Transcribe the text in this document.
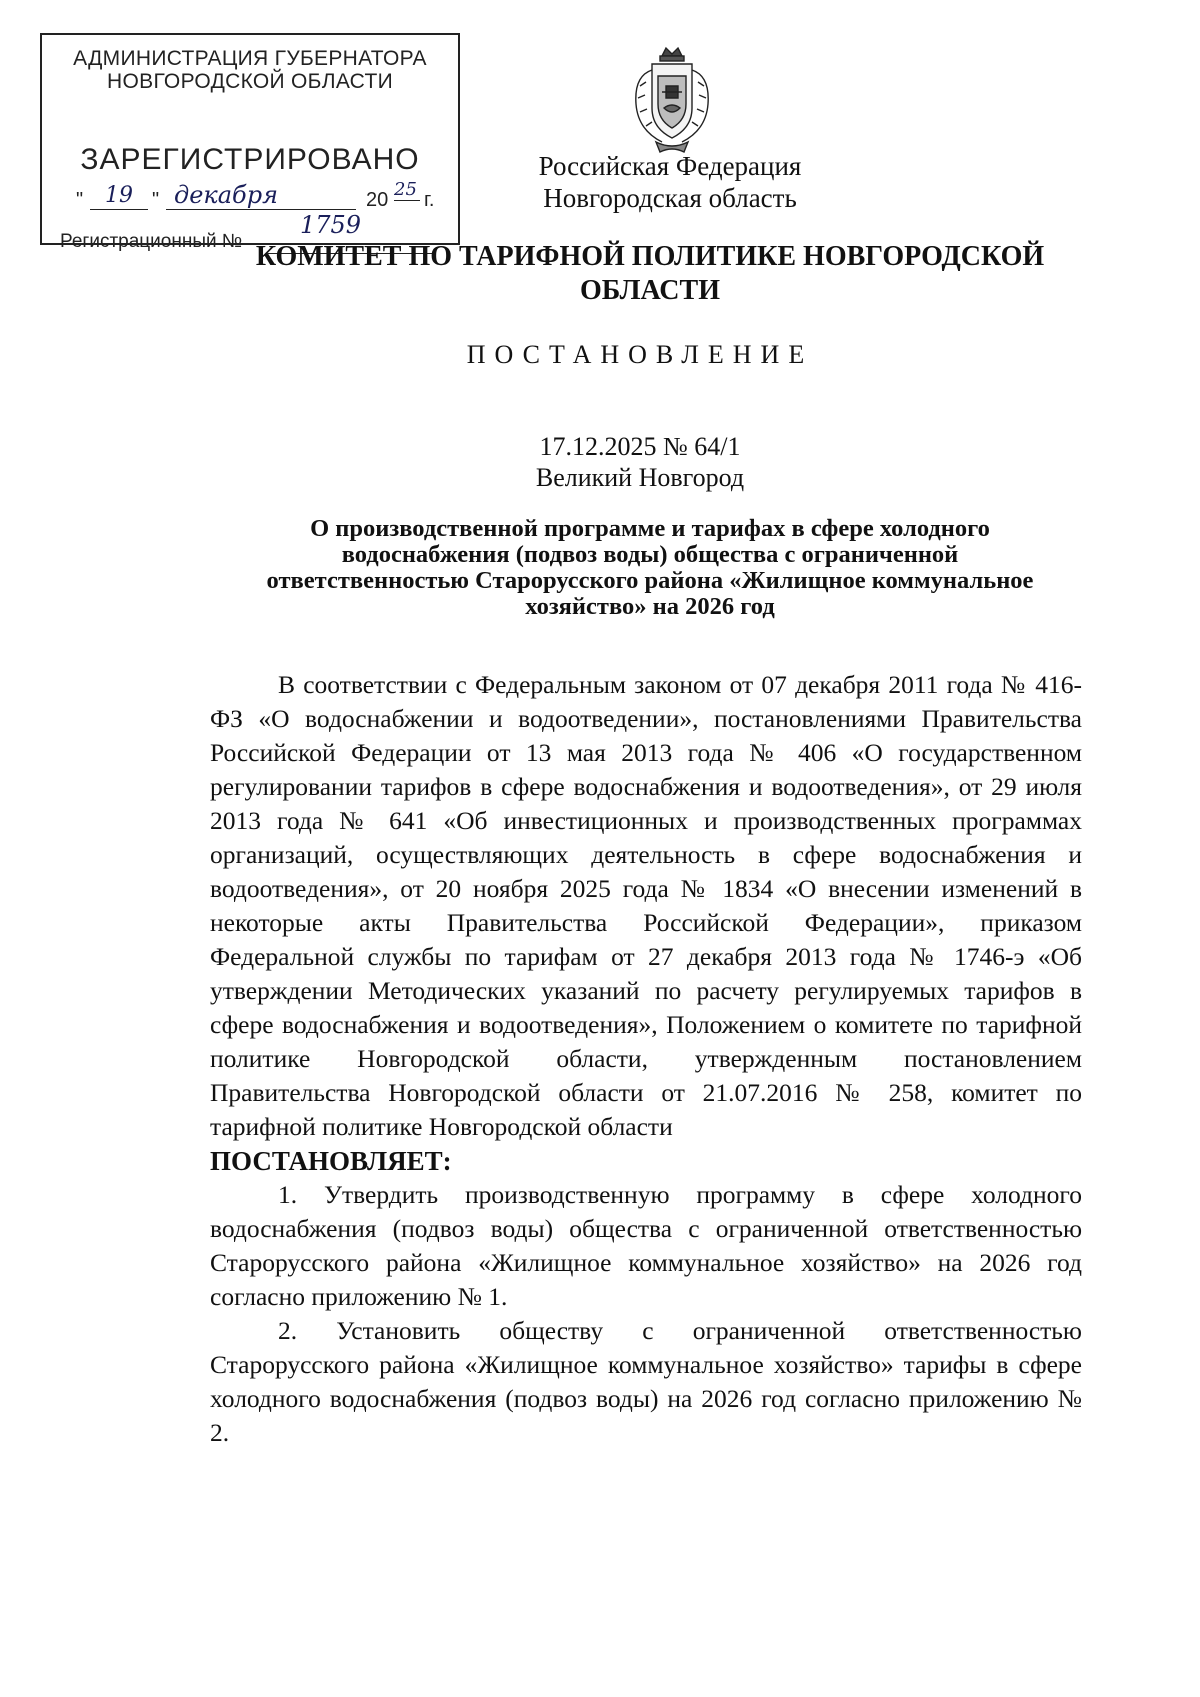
АДМИНИСТРАЦИЯ ГУБЕРНАТОРА
НОВГОРОДСКОЙ ОБЛАСТИ
ЗАРЕГИСТРИРОВАНО
" 19 " декабря	20 25 г.
Регистрационный №
1759
Российская Федерация
Новгородская область
КОМИТЕТ ПО ТАРИФНОЙ ПОЛИТИКЕ НОВГОРОДСКОЙ
ОБЛАСТИ
ПОСТАНОВЛЕНИЕ
17.12.2025 № 64/1
Великий Новгород
О производственной программе и тарифах в сфере холодного
водоснабжения (подвоз воды) общества с ограниченной
ответственностью Старорусского района «Жилищное коммунальное
хозяйство» на 2026 год

В соответствии с Федеральным законом от 07 декабря 2011 года № 416-ФЗ «О водоснабжении и водоотведении», постановлениями Правительства Российской Федерации от 13 мая 2013 года № 406 «О государственном регулировании тарифов в сфере водоснабжения и водоотведения», от 29 июля 2013 года № 641 «Об инвестиционных и производственных программах организаций, осуществляющих деятельность в сфере водоснабжения и водоотведения», от 20 ноября 2025 года № 1834 «О внесении изменений в некоторые акты Правительства Российской Федерации», приказом Федеральной службы по тарифам от 27 декабря 2013 года № 1746-э «Об утверждении Методических указаний по расчету регулируемых тарифов в сфере водоснабжения и водоотведения», Положением о комитете по тарифной политике Новгородской области, утвержденным постановлением Правительства Новгородской области от 21.07.2016 № 258, комитет по тарифной политике Новгородской области

ПОСТАНОВЛЯЕТ:

1. Утвердить производственную программу в сфере холодного водоснабжения (подвоз воды) общества с ограниченной ответственностью Старорусского района «Жилищное коммунальное хозяйство» на 2026 год согласно приложению № 1.

2. Установить обществу с ограниченной ответственностью Старорусского района «Жилищное коммунальное хозяйство» тарифы в сфере холодного водоснабжения (подвоз воды) на 2026 год согласно приложению № 2.
